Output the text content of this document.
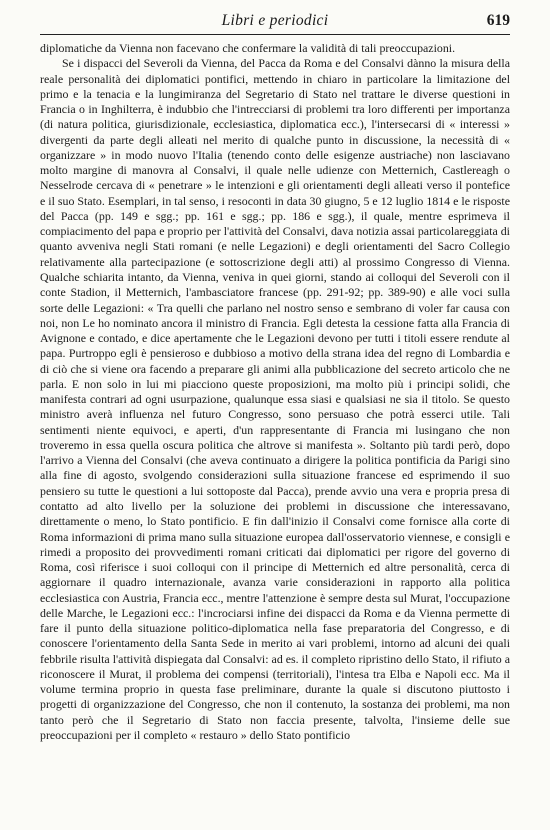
Libri e periodici	619

diplomatiche da Vienna non facevano che confermare la validità di tali preoccupazioni.

Se i dispacci del Severoli da Vienna, del Pacca da Roma e del Consalvi dànno la misura della reale personalità dei diplomatici pontifici, mettendo in chiaro in particolare la limitazione del primo e la tenacia e la lungimiranza del Segretario di Stato nel trattare le diverse questioni in Francia o in Inghilterra, è indubbio che l'intrecciarsi di problemi tra loro differenti per importanza (di natura politica, giurisdizionale, ecclesiastica, diplomatica ecc.), l'intersecarsi di « interessi » divergenti da parte degli alleati nel merito di qualche punto in discussione, la necessità di « organizzare » in modo nuovo l'Italia (tenendo conto delle esigenze austriache) non lasciavano molto margine di manovra al Consalvi, il quale nelle udienze con Metternich, Castlereagh o Nesselrode cercava di « penetrare » le intenzioni e gli orientamenti degli alleati verso il pontefice e il suo Stato. Esemplari, in tal senso, i resoconti in data 30 giugno, 5 e 12 luglio 1814 e le risposte del Pacca (pp. 149 e sgg.; pp. 161 e sgg.; pp. 186 e sgg.), il quale, mentre esprimeva il compiacimento del papa e proprio per l'attività del Consalvi, dava notizia assai particolareggiata di quanto avveniva negli Stati romani (e nelle Legazioni) e degli orientamenti del Sacro Collegio relativamente alla partecipazione (e sottoscrizione degli atti) al prossimo Congresso di Vienna. Qualche schiarita intanto, da Vienna, veniva in quei giorni, stando ai colloqui del Severoli con il conte Stadion, il Metternich, l'ambasciatore francese (pp. 291-92; pp. 389-90) e alle voci sulla sorte delle Legazioni: « Tra quelli che parlano nel nostro senso e sembrano di voler far causa con noi, non Le ho nominato ancora il ministro di Francia. Egli detesta la cessione fatta alla Francia di Avignone e contado, e dice apertamente che le Legazioni devono per tutti i titoli essere rendute al papa. Purtroppo egli è pensieroso e dubbioso a motivo della strana idea del regno di Lombardia e di ciò che si viene ora facendo a preparare gli animi alla pubblicazione del secreto articolo che ne parla. E non solo in lui mi piacciono queste proposizioni, ma molto più i principi solidi, che manifesta contrari ad ogni usurpazione, qualunque essa siasi e qualsiasi ne sia il titolo. Se questo ministro averà influenza nel futuro Congresso, sono persuaso che potrà esserci utile. Tali sentimenti niente equivoci, e aperti, d'un rappresentante di Francia mi lusingano che non troveremo in essa quella oscura politica che altrove si manifesta ». Soltanto più tardi però, dopo l'arrivo a Vienna del Consalvi (che aveva continuato a dirigere la politica pontificia da Parigi sino alla fine di agosto, svolgendo considerazioni sulla situazione francese ed esprimendo il suo pensiero su tutte le questioni a lui sottoposte dal Pacca), prende avvio una vera e propria presa di contatto ad alto livello per la soluzione dei problemi in discussione che interessavano, direttamente o meno, lo Stato pontificio. E fin dall'inizio il Consalvi come fornisce alla corte di Roma informazioni di prima mano sulla situazione europea dall'osservatorio viennese, e consigli e rimedi a proposito dei provvedimenti romani criticati dai diplomatici per rigore del governo di Roma, così riferisce i suoi colloqui con il principe di Metternich ed altre personalità, cerca di aggiornare il quadro internazionale, avanza varie considerazioni in rapporto alla politica ecclesiastica con Austria, Francia ecc., mentre l'attenzione è sempre desta sul Murat, l'occupazione delle Marche, le Legazioni ecc.: l'incrociarsi infine dei dispacci da Roma e da Vienna permette di fare il punto della situazione politico-diplomatica nella fase preparatoria del Congresso, e di conoscere l'orientamento della Santa Sede in merito ai vari problemi, intorno ad alcuni dei quali febbrile risulta l'attività dispiegata dal Consalvi: ad es. il completo ripristino dello Stato, il rifiuto a riconoscere il Murat, il problema dei compensi (territoriali), l'intesa tra Elba e Napoli ecc. Ma il volume termina proprio in questa fase preliminare, durante la quale si discutono piuttosto i progetti di organizzazione del Congresso, che non il contenuto, la sostanza dei problemi, ma non tanto però che il Segretario di Stato non faccia presente, talvolta, l'insieme delle sue preoccupazioni per il completo « restauro » dello Stato pontificio
